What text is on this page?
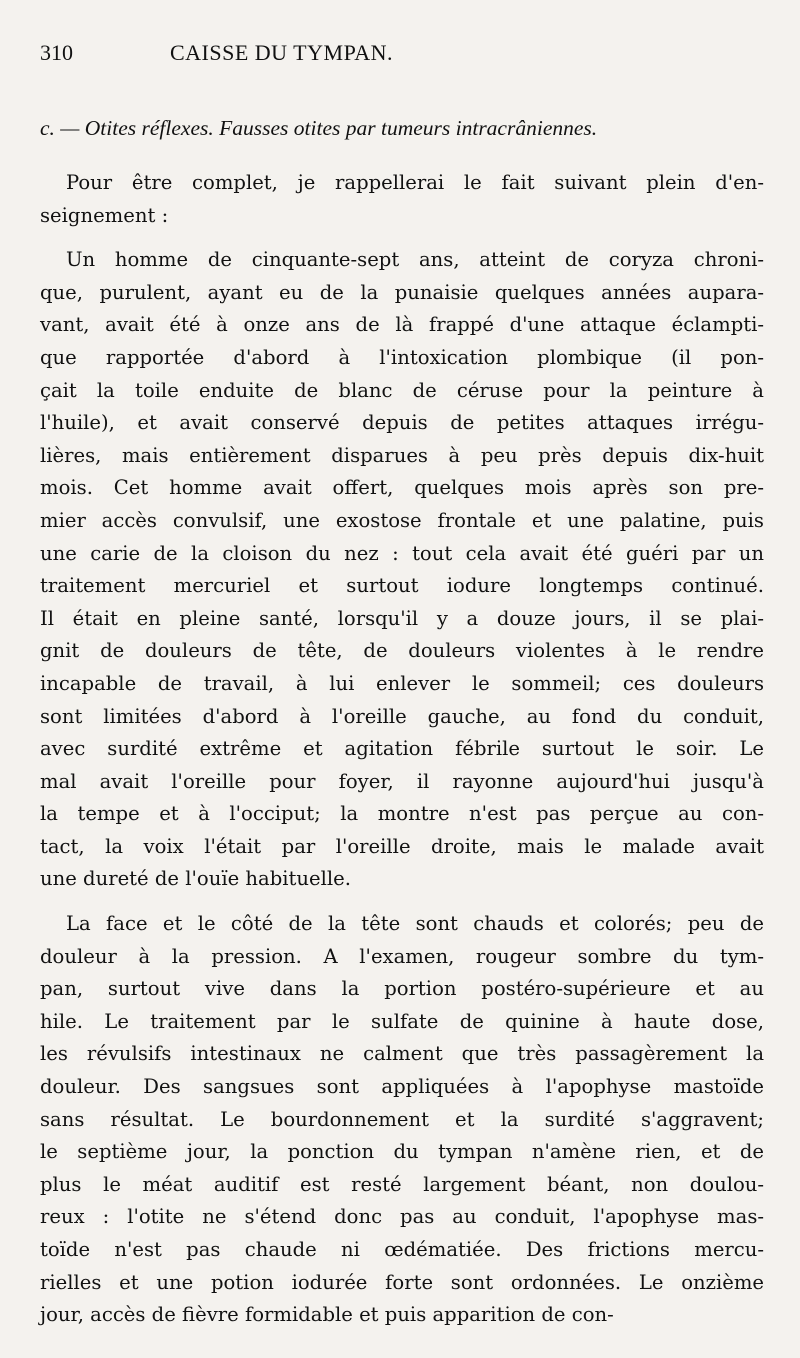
310	CAISSE DU TYMPAN.
c. — Otites réflexes. Fausses otites par tumeurs intracrâniennes.

Pour être complet, je rappellerai le fait suivant plein d'en-
seignement :

Un homme de cinquante-sept ans, atteint de coryza chroni-
que, purulent, ayant eu de la punaisie quelques années aupara-
vant, avait été à onze ans de là frappé d'une attaque éclampti-
que rapportée d'abord à l'intoxication plombique (il pon-
çait la toile enduite de blanc de céruse pour la peinture à
l'huile), et avait conservé depuis de petites attaques irrégu-
lières, mais entièrement disparues à peu près depuis dix-huit
mois. Cet homme avait offert, quelques mois après son pre-
mier accès convulsif, une exostose frontale et une palatine, puis
une carie de la cloison du nez : tout cela avait été guéri par un
traitement mercuriel et surtout iodure longtemps continué.
Il était en pleine santé, lorsqu'il y a douze jours, il se plai-
gnit de douleurs de tête, de douleurs violentes à le rendre
incapable de travail, à lui enlever le sommeil; ces douleurs
sont limitées d'abord à l'oreille gauche, au fond du conduit,
avec surdité extrême et agitation fébrile surtout le soir. Le
mal avait l'oreille pour foyer, il rayonne aujourd'hui jusqu'à
la tempe et à l'occiput; la montre n'est pas perçue au con-
tact, la voix l'était par l'oreille droite, mais le malade avait
une dureté de l'ouïe habituelle.

La face et le côté de la tête sont chauds et colorés; peu de
douleur à la pression. A l'examen, rougeur sombre du tym-
pan, surtout vive dans la portion postéro-supérieure et au
hile. Le traitement par le sulfate de quinine à haute dose,
les révulsifs intestinaux ne calment que très passagèrement la
douleur. Des sangsues sont appliquées à l'apophyse mastoïde
sans résultat. Le bourdonnement et la surdité s'aggravent;
le septième jour, la ponction du tympan n'amène rien, et de
plus le méat auditif est resté largement béant, non doulou-
reux : l'otite ne s'étend donc pas au conduit, l'apophyse mas-
toïde n'est pas chaude ni œdématiée. Des frictions mercu-
rielles et une potion iodurée forte sont ordonnées. Le onzième
jour, accès de fièvre formidable et puis apparition de con-
